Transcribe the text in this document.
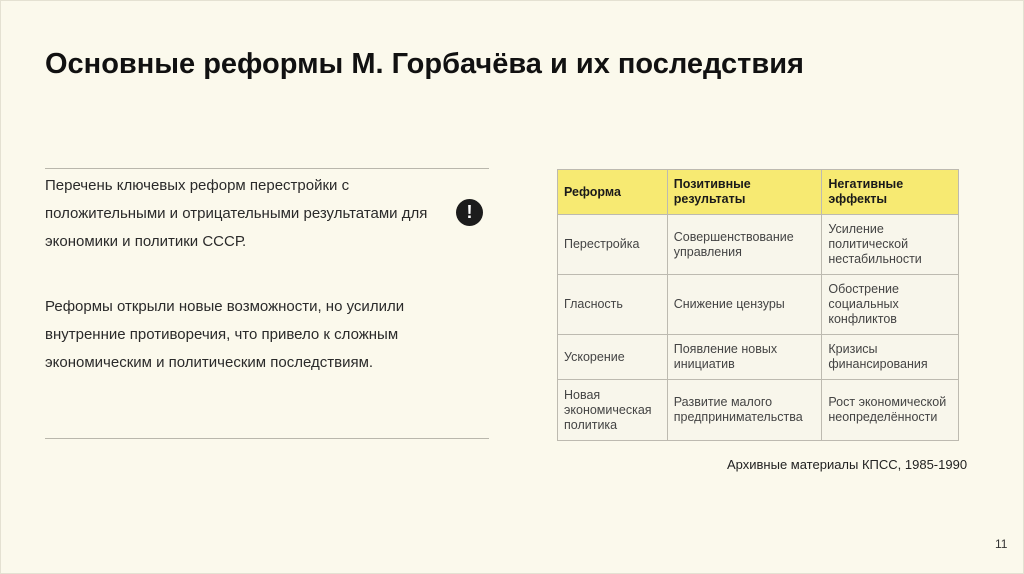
Основные реформы М. Горбачёва и их последствия
Перечень ключевых реформ перестройки с положительными и отрицательными результатами для экономики и политики СССР.
!
Реформы открыли новые возможности, но усилили внутренние противоречия, что привело к сложным экономическим и политическим последствиям.
Реформа	Позитивные результаты	Негативные эффекты
Перестройка	Совершенствование управления	Усиление политической нестабильности
Гласность	Снижение цензуры	Обострение социальных конфликтов
Ускорение	Появление новых инициатив	Кризисы финансирования
Новая экономическая политика	Развитие малого предпринимательства	Рост экономической неопределённости
Архивные материалы КПСС, 1985-1990
11
